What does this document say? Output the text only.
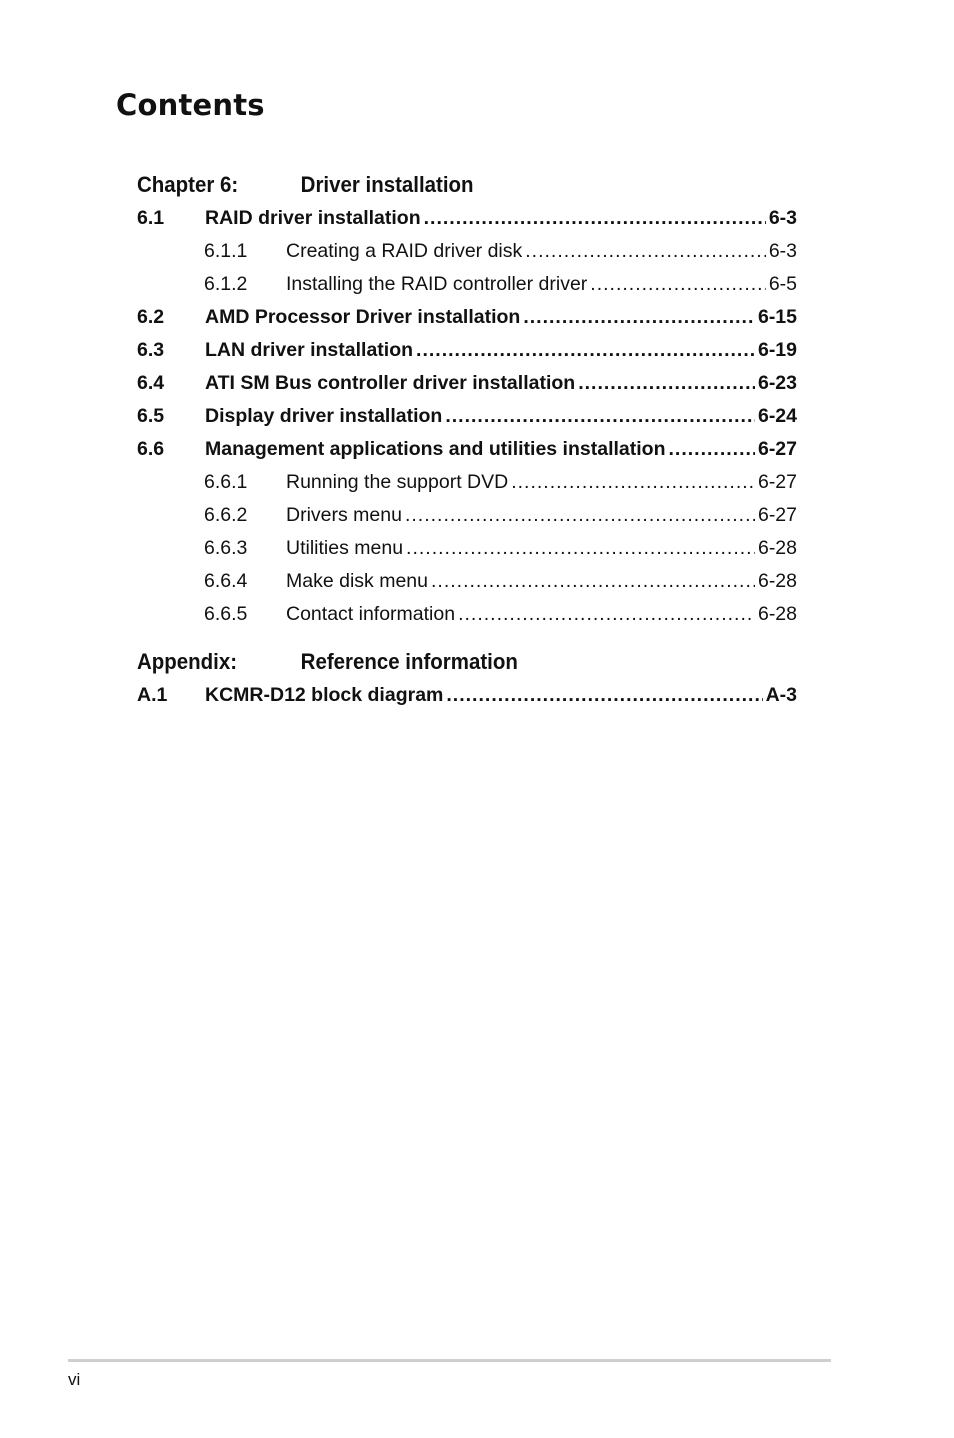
Contents
Chapter 6:	Driver installation
6.1	RAID driver installation .....	6-3
6.1.1	Creating a RAID driver disk .....	6-3
6.1.2	Installing the RAID controller driver .....	6-5
6.2	AMD Processor Driver installation .....	6-15
6.3	LAN driver installation .....	6-19
6.4	ATI SM Bus controller driver installation .....	6-23
6.5	Display driver installation .....	6-24
6.6	Management applications and utilities installation .....	6-27
6.6.1	Running the support DVD .....	6-27
6.6.2	Drivers menu .....	6-27
6.6.3	Utilities menu .....	6-28
6.6.4	Make disk menu .....	6-28
6.6.5	Contact information .....	6-28
Appendix:	Reference information
A.1	KCMR-D12 block diagram .....	A-3
vi
